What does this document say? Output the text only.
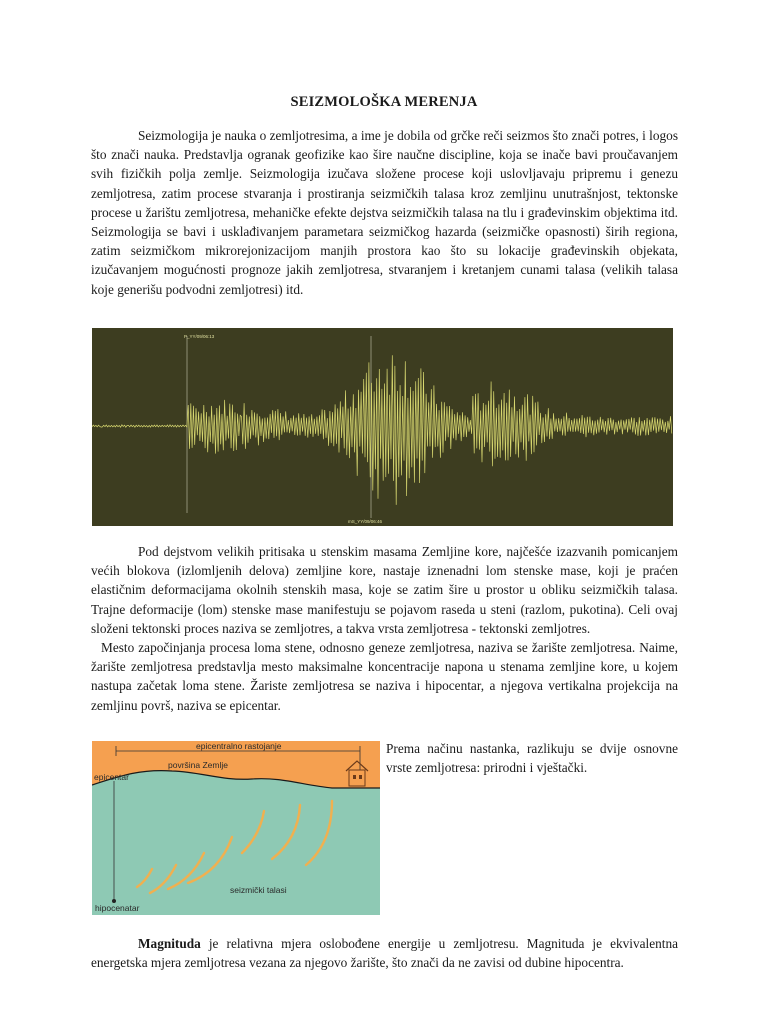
SEIZMOLOŠKA MERENJA

Seizmologija je nauka o zemljotresima, a ime je dobila od grčke reči seizmos što znači potres, i logos što znači nauka. Predstavlja ogranak geofizike kao šire naučne discipline, koja se inače bavi proučavanjem svih fizičkih polja zemlje. Seizmologija izučava složene procese koji uslovljavaju pripremu i genezu zemljotresa, zatim procese stvaranja i prostiranja seizmičkih talasa kroz zemljinu unutrašnjost, tektonske procese u žarištu zemljotresa, mehaničke efekte dejstva seizmičkih talasa na tlu i građevinskim objektima itd. Seizmologija se bavi i usklađivanjem parametara seizmičkog hazarda (seizmičke opasnosti) širih regiona, zatim seizmičkom mikrorejonizacijom manjih prostora kao što su lokacije građevinskih objekata, izučavanjem mogućnosti prognoze jakih zemljotresa, stvaranjem i kretanjem cunami talasa (velikih talasa koje generišu podvodni zemljotresi) itd.

P_YY/09/06:13
mS_YY/09/06:46

Pod dejstvom velikih pritisaka u stenskim masama Zemljine kore, najčešće izazvanih pomicanjem većih blokova (izlomljenih delova) zemljine kore, nastaje iznenadni lom stenske mase, koji je praćen elastičnim deformacijama okolnih stenskih masa, koje se zatim šire u prostor u obliku seizmičkih talasa. Trajne deformacije (lom) stenske mase manifestuju se pojavom raseda u steni (razlom, pukotina). Celi ovaj složeni tektonski proces naziva se zemljotres, a takva vrsta zemljotresa - tektonski zemljotres.

Mesto započinjanja procesa loma stene, odnosno geneze zemljotresa, naziva se žarište zemljotresa. Naime, žarište zemljotresa predstavlja mesto maksimalne koncentracije napona u stenama zemljine kore, u kojem nastupa začetak loma stene. Žariste zemljotresa se naziva i hipocentar, a njegova vertikalna projekcija na zemljinu površ, naziva se epicentar.

epicentralno rastojanje
površina Zemlje
epicentar
seizmički talasi
hipocenatar

Prema načinu nastanka, razlikuju se dvije osnovne vrste zemljotresa: prirodni i vještački.

Magnituda je relativna mjera oslobođene energije u zemljotresu. Magnituda je ekvivalentna energetska mjera zemljotresa vezana za njegovo žarište, što znači da ne zavisi od dubine hipocentra.
